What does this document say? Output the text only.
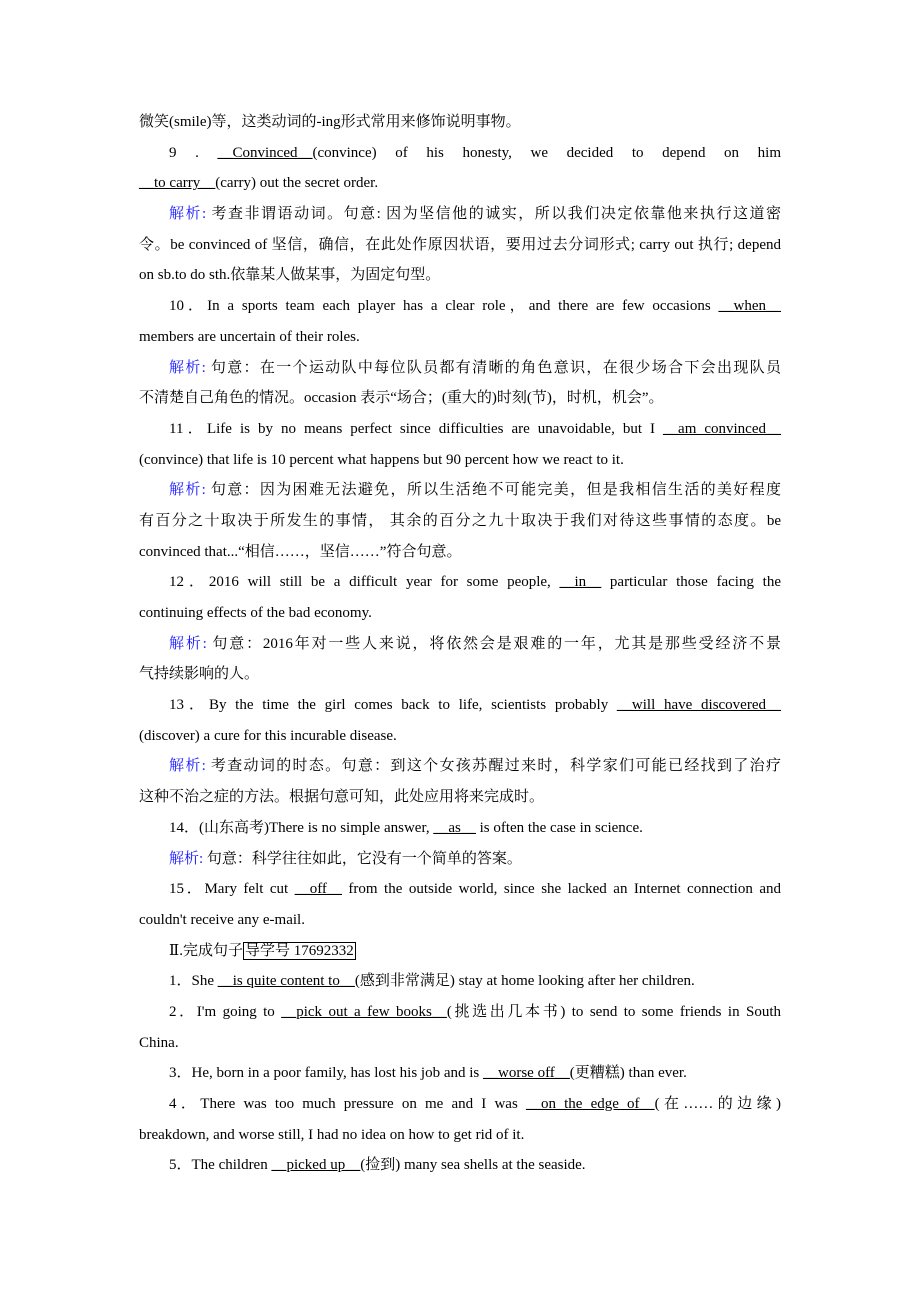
微笑(smile)等，这类动词的-ing形式常用来修饰说明事物。
9 . __Convinced__(convince) of his honesty, we decided to depend on him
__to carry__(carry) out the secret order.
解析: 考查非谓语动词。句意: 因为坚信他的诚实，所以我们决定依靠他来执行这道密
令。be convinced of 坚信，确信，在此处作原因状语，要用过去分词形式; carry out 执行; depend
on sb.to do sth.依靠某人做某事，为固定句型。
10．In a sports team each player has a clear role，and there are few occasions __when__
members are uncertain of their roles.
解析: 句意：在一个运动队中每位队员都有清晰的角色意识，在很少场合下会出现队员
不清楚自己角色的情况。occasion 表示“场合；(重大的)时刻(节)，时机，机会”。
11．Life is by no means perfect since difficulties are unavoidable, but I __am convinced__
(convince) that life is 10 percent what happens but 90 percent how we react to it.
解析: 句意：因为困难无法避免，所以生活绝不可能完美，但是我相信生活的美好程度
有百分之十取决于所发生的事情， 其余的百分之九十取决于我们对待这些事情的态度。be
convinced that...“相信……，坚信……”符合句意。
12．2016 will still be a difficult year for some people, __in__ particular those facing the
continuing effects of the bad economy.
解析: 句意：2016年对一些人来说，将依然会是艰难的一年，尤其是那些受经济不景
气持续影响的人。
13．By the time the girl comes back to life, scientists probably __will have discovered__
(discover) a cure for this incurable disease.
解析: 考查动词的时态。句意：到这个女孩苏醒过来时，科学家们可能已经找到了治疗
这种不治之症的方法。根据句意可知，此处应用将来完成时。
14．(山东高考)There is no simple answer, __as__ is often the case in science.
解析: 句意：科学往往如此，它没有一个简单的答案。
15．Mary felt cut __off__ from the outside world, since she lacked an Internet connection and
couldn't receive any e-mail.
Ⅱ.完成句子 导学号 17692332
1．She __is quite content to__(感到非常满足) stay at home looking after her children.
2．I'm going to __pick out a few books__(挑选出几本书) to send to some friends in South
China.
3．He, born in a poor family, has lost his job and is __worse off__(更糟糕) than ever.
4．There was too much pressure on me and I was __on the edge of__(在……的边缘)
breakdown, and worse still, I had no idea on how to get rid of it.
5．The children __picked up__(捡到) many sea shells at the seaside.
